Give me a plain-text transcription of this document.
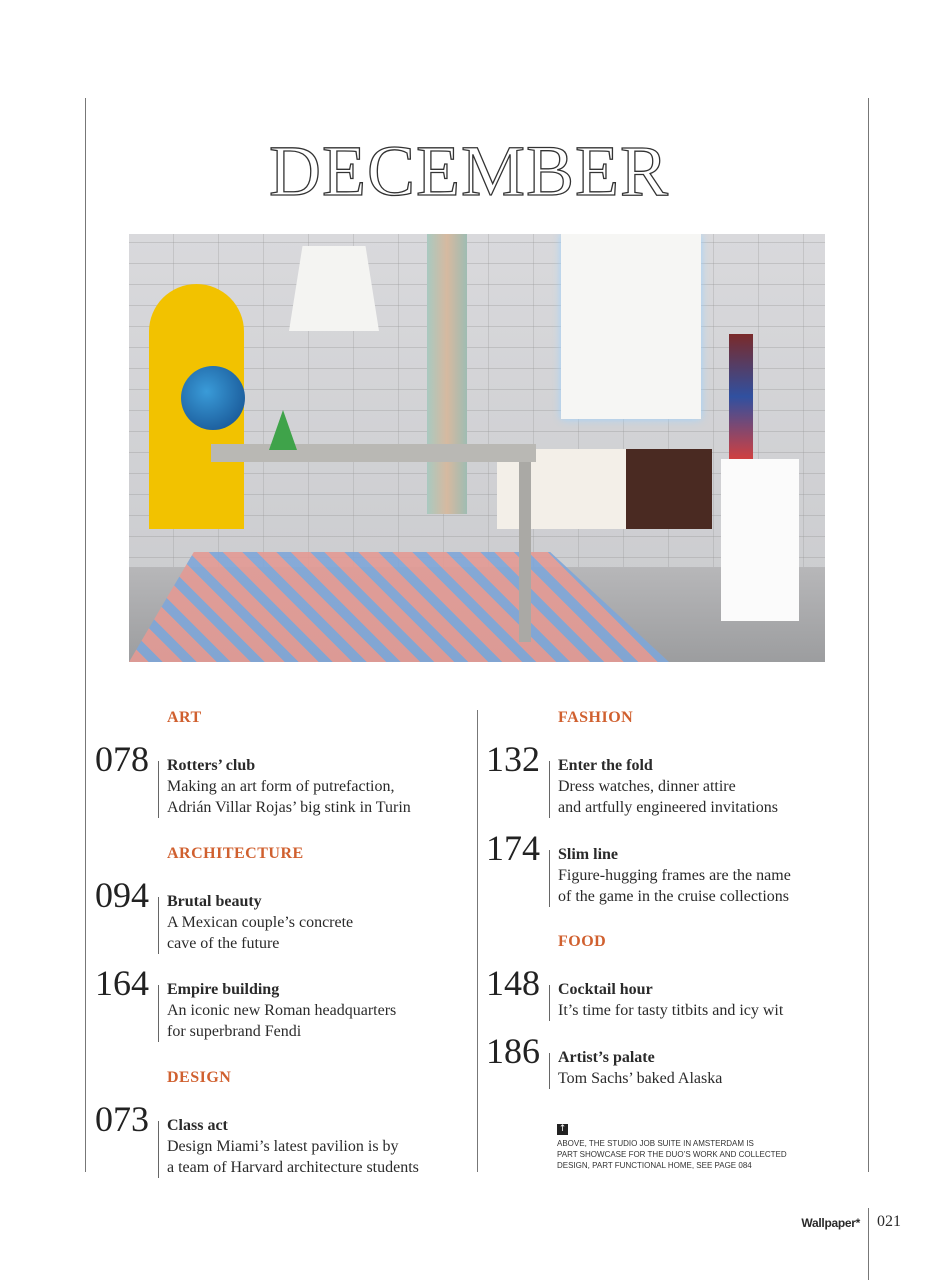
DECEMBER
ART
ARCHITECTURE
DESIGN
FASHION
FOOD
078 Rotters’ club
Making an art form of putrefaction,
Adrián Villar Rojas’ big stink in Turin
094 Brutal beauty
A Mexican couple’s concrete
cave of the future
164 Empire building
An iconic new Roman headquarters
for superbrand Fendi
073 Class act
Design Miami’s latest pavilion is by
a team of Harvard architecture students
132 Enter the fold
Dress watches, dinner attire
and artfully engineered invitations
174 Slim line
Figure-hugging frames are the name
of the game in the cruise collections
148 Cocktail hour
It’s time for tasty titbits and icy wit
186 Artist’s palate
Tom Sachs’ baked Alaska
↑
ABOVE, THE STUDIO JOB SUITE IN AMSTERDAM IS
PART SHOWCASE FOR THE DUO’S WORK AND COLLECTED
DESIGN, PART FUNCTIONAL HOME, SEE PAGE 084
Wallpaper* 021
